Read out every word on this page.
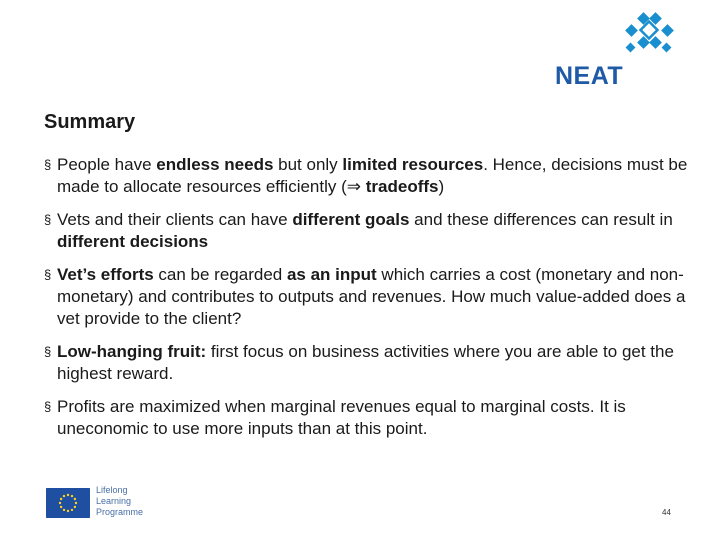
NEAT
Summary
§ People have endless needs but only limited resources. Hence, decisions must be made to allocate resources efficiently (⇒ tradeoffs)
§ Vets and their clients can have different goals and these differences can result in different decisions
§ Vet’s efforts can be regarded as an input which carries a cost (monetary and non-monetary) and contributes to outputs and revenues. How much value-added does a vet provide to the client?
§ Low-hanging fruit: first focus on business activities where you are able to get the highest reward.
§ Profits are maximized when marginal revenues equal to marginal costs. It is uneconomic to use more inputs than at this point.
Lifelong
Learning
Programme	44
